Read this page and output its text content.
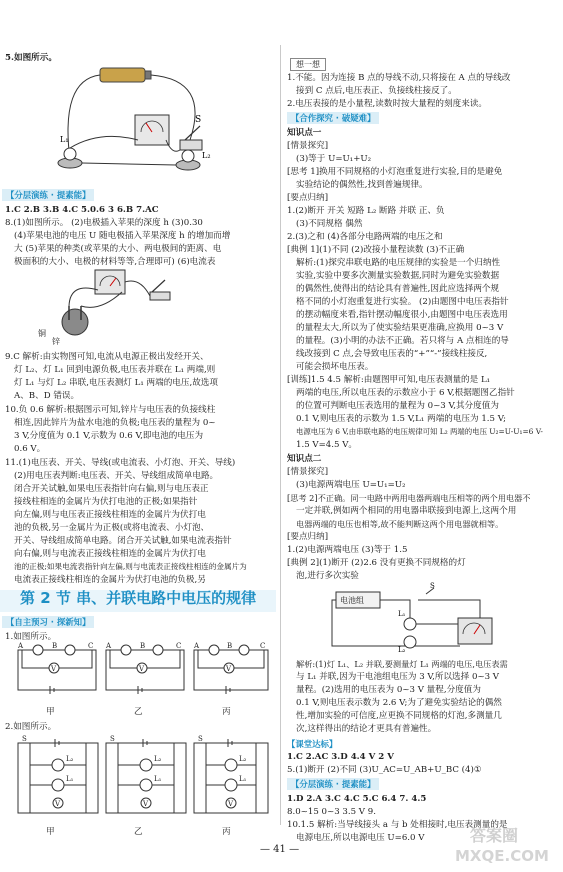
5.如图所示。
S
L₁
L₂
【分层演练 · 提素能】
1.C 2.B 3.B 4.C 5.0.6 3 6.B 7.AC
8.(1)如图所示。 (2)电极插入苹果的深度 h (3)0.30
(4)苹果电池的电压 U 随电极插入苹果深度 h 的增加而增
大 (5)苹果的种类(或苹果的大小、两电极间的距离、电
极面积的大小、电极的材料等等,合理即可) (6)电流表
铜
锌
9.C 解析:由实物图可知,电流从电源正极出发经开关、
灯 L₂、灯 L₁ 回到电源负极,电压表并联在 L₁ 两端,则
灯 L₁ 与灯 L₂ 串联,电压表测灯 L₁ 两端的电压,故选项
A、B、D 错误。
10.负 0.6 解析:根据图示可知,锌片与电压表的负接线柱
相连,因此锌片为盐水电池的负极;电压表的量程为 0~
3 V,分度值为 0.1 V,示数为 0.6 V,即电池的电压为
0.6 V。
11.(1)电压表、开关、导线(或电流表、小灯泡、开关、导线)
(2)用电压表判断:电压表、开关、导线组成简单电路。
闭合开关试触,如果电压表指针向右偏,则与电压表正
接线柱相连的金属片为伏打电池的正极;如果指针
向左偏,则与电压表正接线柱相连的金属片为伏打电
池的负极,另一金属片为正极(或将电流表、小灯泡、
开关、导线组成简单电路。闭合开关试触,如果电流表指针
向右偏,则与电流表正接线柱相连的金属片为伏打电
池的正极;如果电流表指针向左偏,则与电流表正接线柱相连的金属片为
电流表正接线柱相连的金属片为伏打电池的负极,另
第 2 节 串、并联电路中电压的规律
【自主预习 · 探新知】
1.如图所示。
V	V	V
A	B	C A	B	C A	B	C
甲	乙	丙
2.如图所示。
V	V	V
S	S	S
L₂
L₁
L₂
L₁
L₂
L₁
甲	乙	丙
想一想
1.不能。因为连接 B 点的导线不动,只将接在 A 点的导线改
接到 C 点后,电压表正、负接线柱接反了。
2.电压表接的是小量程,读数时按大量程的刻度来读。
【合作探究 · 破疑难】
知识点一
[情景探究]
(3)等于 U=U₁+U₂
[思考 1]换用不同规格的小灯泡重复进行实验,目的是避免
实验结论的偶然性,找到普遍规律。
[要点归纳]
1.(2)断开 开关 短路 L₂ 断路 并联 正、负
(3)不同规格 偶然
2.(3)之和 (4)各部分电路两端的电压之和
[典例 1](1)不同 (2)改接小量程读数 (3)不正确
解析:(1)探究串联电路的电压规律的实验是一个归纳性
实验,实验中要多次测量实验数据,同时为避免实验数据
的偶然性,使得出的结论具有普遍性,因此应选择两个规
格不同的小灯泡重复进行实验。 (2)由题图中电压表指针
的摆动幅度来看,指针摆动幅度很小,由题图中电压表选用
的量程太大,所以为了使实验结果更准确,应换用 0~3 V
的量程。(3)小明的办法不正确。若只将与 A 点相连的导
线改接到 C 点,会导致电压表的“+”“-”接线柱接反,
可能会损坏电压表。
[训练]1.5 4.5 解析:由题图甲可知,电压表测量的是 L₁
两端的电压,所以电压表的示数应小于 6 V,根据题图乙指针
的位置可判断电压表选用的量程为 0~3 V,其分度值为
0.1 V,则电压表的示数为 1.5 V,L₁ 两端的电压为 1.5 V;
电源电压为 6 V,由串联电路的电压规律可知 L₂ 两端的电压 U₂=U-U₁=6 V-
1.5 V=4.5 V。
知识点二
[情景探究]
(3)电源两端电压 U=U₁=U₂
[思考 2]不正确。同一电路中两用电器两端电压相等的两个用电器不
一定并联,例如两个相同的用电器串联接到电源上,这两个用
电器两端的电压也相等,故不能判断这两个用电器就相等。
[要点归纳]
1.(2)电源两端电压 (3)等于 1.5
[典例 2](1)断开 (2)2.6 没有更换不同规格的灯
泡,进行多次实验
L₁
L₂
S
电池组
解析:(1)灯 L₁、L₂ 并联,要测量灯 L₁ 两端的电压,电压表需
与 L₁ 并联,因为干电池组电压为 3 V,所以选择 0~3 V
量程。(2)选用的电压表为 0~3 V 量程,分度值为
0.1 V,则电压表示数为 2.6 V;为了避免实验结论的偶然
性,增加实验的可信度,应更换不同规格的灯泡,多测量几
次,这样得出的结论才更具有普遍性。
【课堂达标】
1.C 2.AC 3.D 4.4 V 2 V
5.(1)断开 (2)不同 (3)U_AC=U_AB+U_BC (4)①
【分层演练 · 提素能】
1.D 2.A 3.C 4.C 5.C 6.4 7. 4.5
8.0~15 0~3 3.5 V 9.
10.1.5 解析:当导线接头 a 与 b 处相接时,电压表测量的是
电源电压,所以电源电压 U=6.0 V
— 41 —
答案圈
MXQE.COM
